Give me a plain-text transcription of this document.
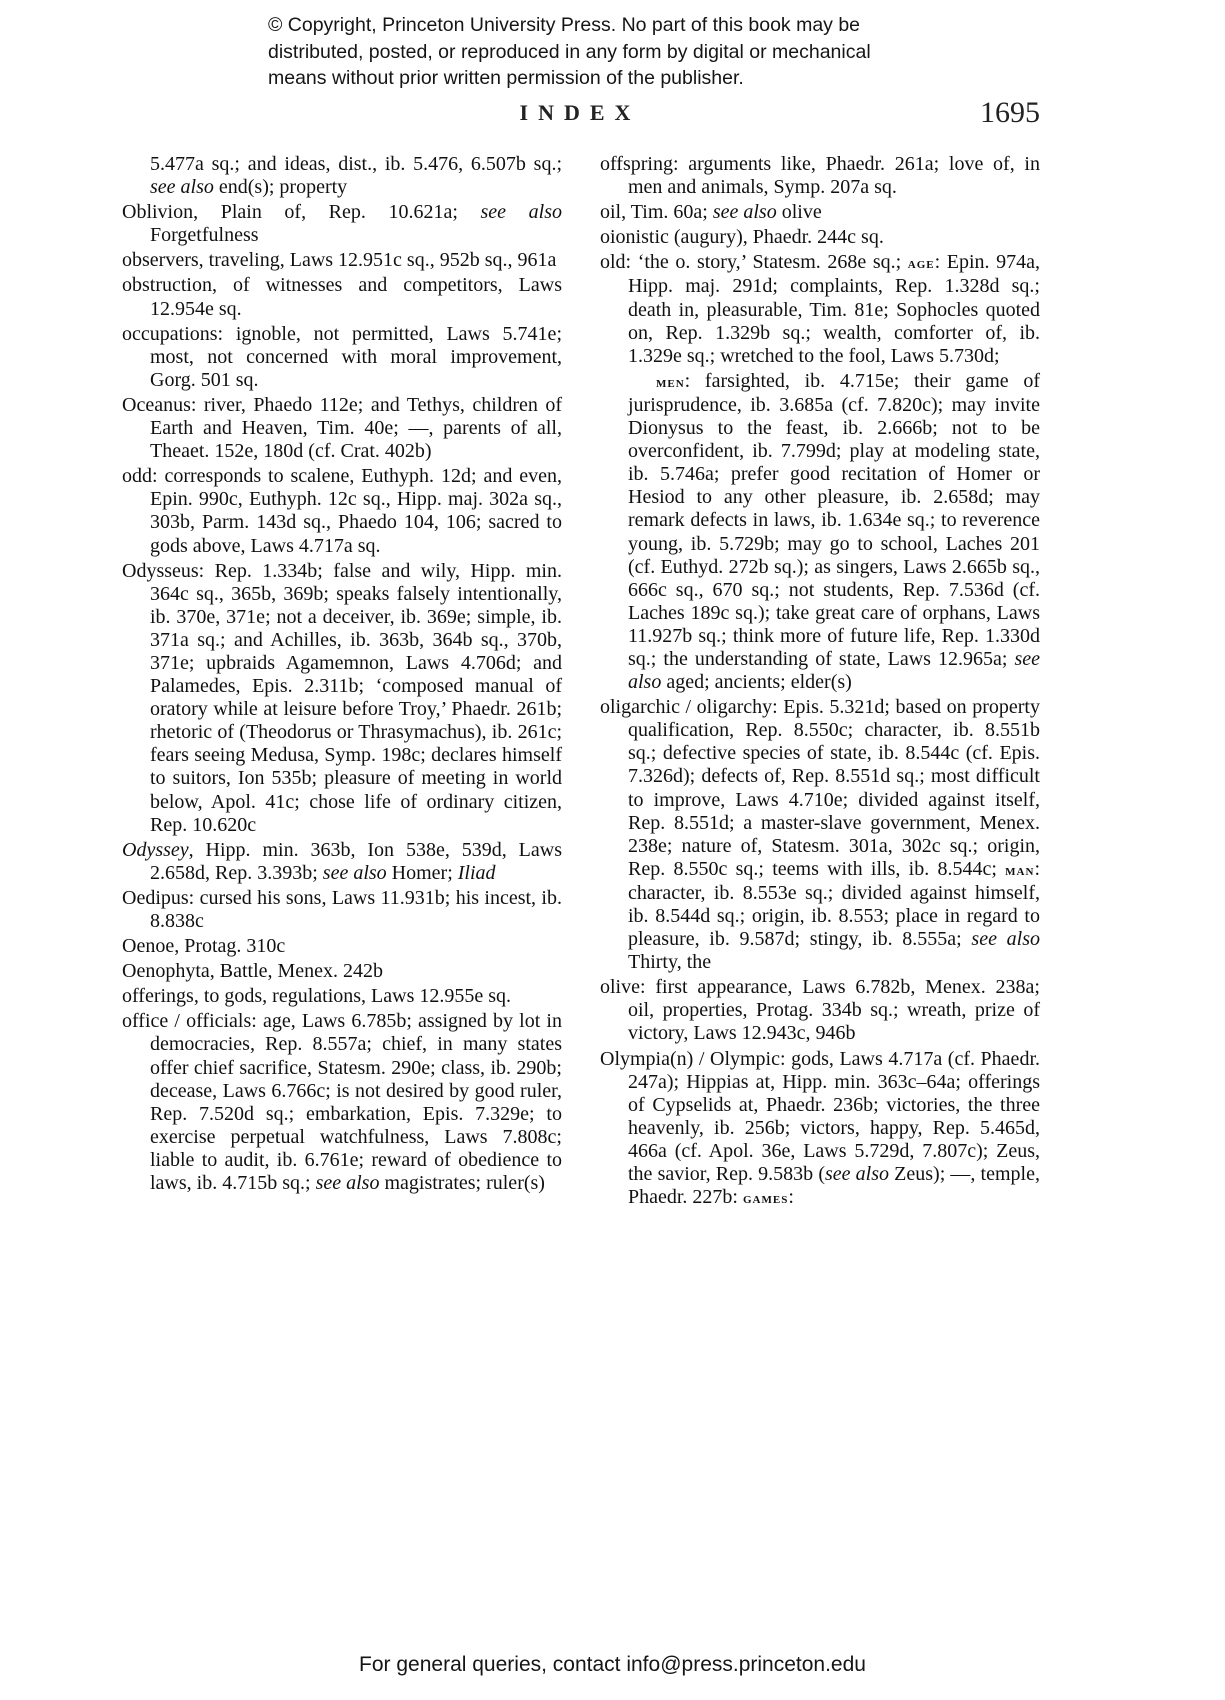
© Copyright, Princeton University Press. No part of this book may be
distributed, posted, or reproduced in any form by digital or mechanical
means without prior written permission of the publisher.
INDEX	1695

5.477a sq.; and ideas, dist., ib. 5.476, 6.507b sq.; see also end(s); property

Oblivion, Plain of, Rep. 10.621a; see also Forgetfulness

observers, traveling, Laws 12.951c sq., 952b sq., 961a

obstruction, of witnesses and competitors, Laws 12.954e sq.

occupations: ignoble, not permitted, Laws 5.741e; most, not concerned with moral improvement, Gorg. 501 sq.

Oceanus: river, Phaedo 112e; and Tethys, children of Earth and Heaven, Tim. 40e; —, parents of all, Theaet. 152e, 180d (cf. Crat. 402b)

odd: corresponds to scalene, Euthyph. 12d; and even, Epin. 990c, Euthyph. 12c sq., Hipp. maj. 302a sq., 303b, Parm. 143d sq., Phaedo 104, 106; sacred to gods above, Laws 4.717a sq.

Odysseus: Rep. 1.334b; false and wily, Hipp. min. 364c sq., 365b, 369b; speaks falsely intentionally, ib. 370e, 371e; not a deceiver, ib. 369e; simple, ib. 371a sq.; and Achilles, ib. 363b, 364b sq., 370b, 371e; upbraids Agamemnon, Laws 4.706d; and Palamedes, Epis. 2.311b; ‘composed manual of oratory while at leisure before Troy,’ Phaedr. 261b; rhetoric of (Theodorus or Thrasymachus), ib. 261c; fears seeing Medusa, Symp. 198c; declares himself to suitors, Ion 535b; pleasure of meeting in world below, Apol. 41c; chose life of ordinary citizen, Rep. 10.620c

Odyssey, Hipp. min. 363b, Ion 538e, 539d, Laws 2.658d, Rep. 3.393b; see also Homer; Iliad

Oedipus: cursed his sons, Laws 11.931b; his incest, ib. 8.838c

Oenoe, Protag. 310c

Oenophyta, Battle, Menex. 242b

offerings, to gods, regulations, Laws 12.955e sq.

office / officials: age, Laws 6.785b; assigned by lot in democracies, Rep. 8.557a; chief, in many states offer chief sacrifice, Statesm. 290e; class, ib. 290b; decease, Laws 6.766c; is not desired by good ruler, Rep. 7.520d sq.; embarkation, Epis. 7.329e; to exercise perpetual watchfulness, Laws 7.808c; liable to audit, ib. 6.761e; reward of obedience to laws, ib. 4.715b sq.; see also magistrates; ruler(s)

offspring: arguments like, Phaedr. 261a; love of, in men and animals, Symp. 207a sq.

oil, Tim. 60a; see also olive

oionistic (augury), Phaedr. 244c sq.

old: ‘the o. story,’ Statesm. 268e sq.; age: Epin. 974a, Hipp. maj. 291d; complaints, Rep. 1.328d sq.; death in, pleasurable, Tim. 81e; Sophocles quoted on, Rep. 1.329b sq.; wealth, comforter of, ib. 1.329e sq.; wretched to the fool, Laws 5.730d;

men: farsighted, ib. 4.715e; their game of jurisprudence, ib. 3.685a (cf. 7.820c); may invite Dionysus to the feast, ib. 2.666b; not to be overconfident, ib. 7.799d; play at modeling state, ib. 5.746a; prefer good recitation of Homer or Hesiod to any other pleasure, ib. 2.658d; may remark defects in laws, ib. 1.634e sq.; to reverence young, ib. 5.729b; may go to school, Laches 201 (cf. Euthyd. 272b sq.); as singers, Laws 2.665b sq., 666c sq., 670 sq.; not students, Rep. 7.536d (cf. Laches 189c sq.); take great care of orphans, Laws 11.927b sq.; think more of future life, Rep. 1.330d sq.; the understanding of state, Laws 12.965a; see also aged; ancients; elder(s)

oligarchic / oligarchy: Epis. 5.321d; based on property qualification, Rep. 8.550c; character, ib. 8.551b sq.; defective species of state, ib. 8.544c (cf. Epis. 7.326d); defects of, Rep. 8.551d sq.; most difficult to improve, Laws 4.710e; divided against itself, Rep. 8.551d; a master-slave government, Menex. 238e; nature of, Statesm. 301a, 302c sq.; origin, Rep. 8.550c sq.; teems with ills, ib. 8.544c; man: character, ib. 8.553e sq.; divided against himself, ib. 8.544d sq.; origin, ib. 8.553; place in regard to pleasure, ib. 9.587d; stingy, ib. 8.555a; see also Thirty, the

olive: first appearance, Laws 6.782b, Menex. 238a; oil, properties, Protag. 334b sq.; wreath, prize of victory, Laws 12.943c, 946b

Olympia(n) / Olympic: gods, Laws 4.717a (cf. Phaedr. 247a); Hippias at, Hipp. min. 363c–64a; offerings of Cypselids at, Phaedr. 236b; victories, the three heavenly, ib. 256b; victors, happy, Rep. 5.465d, 466a (cf. Apol. 36e, Laws 5.729d, 7.807c); Zeus, the savior, Rep. 9.583b (see also Zeus); —, temple, Phaedr. 227b: games:

For general queries, contact info@press.princeton.edu
